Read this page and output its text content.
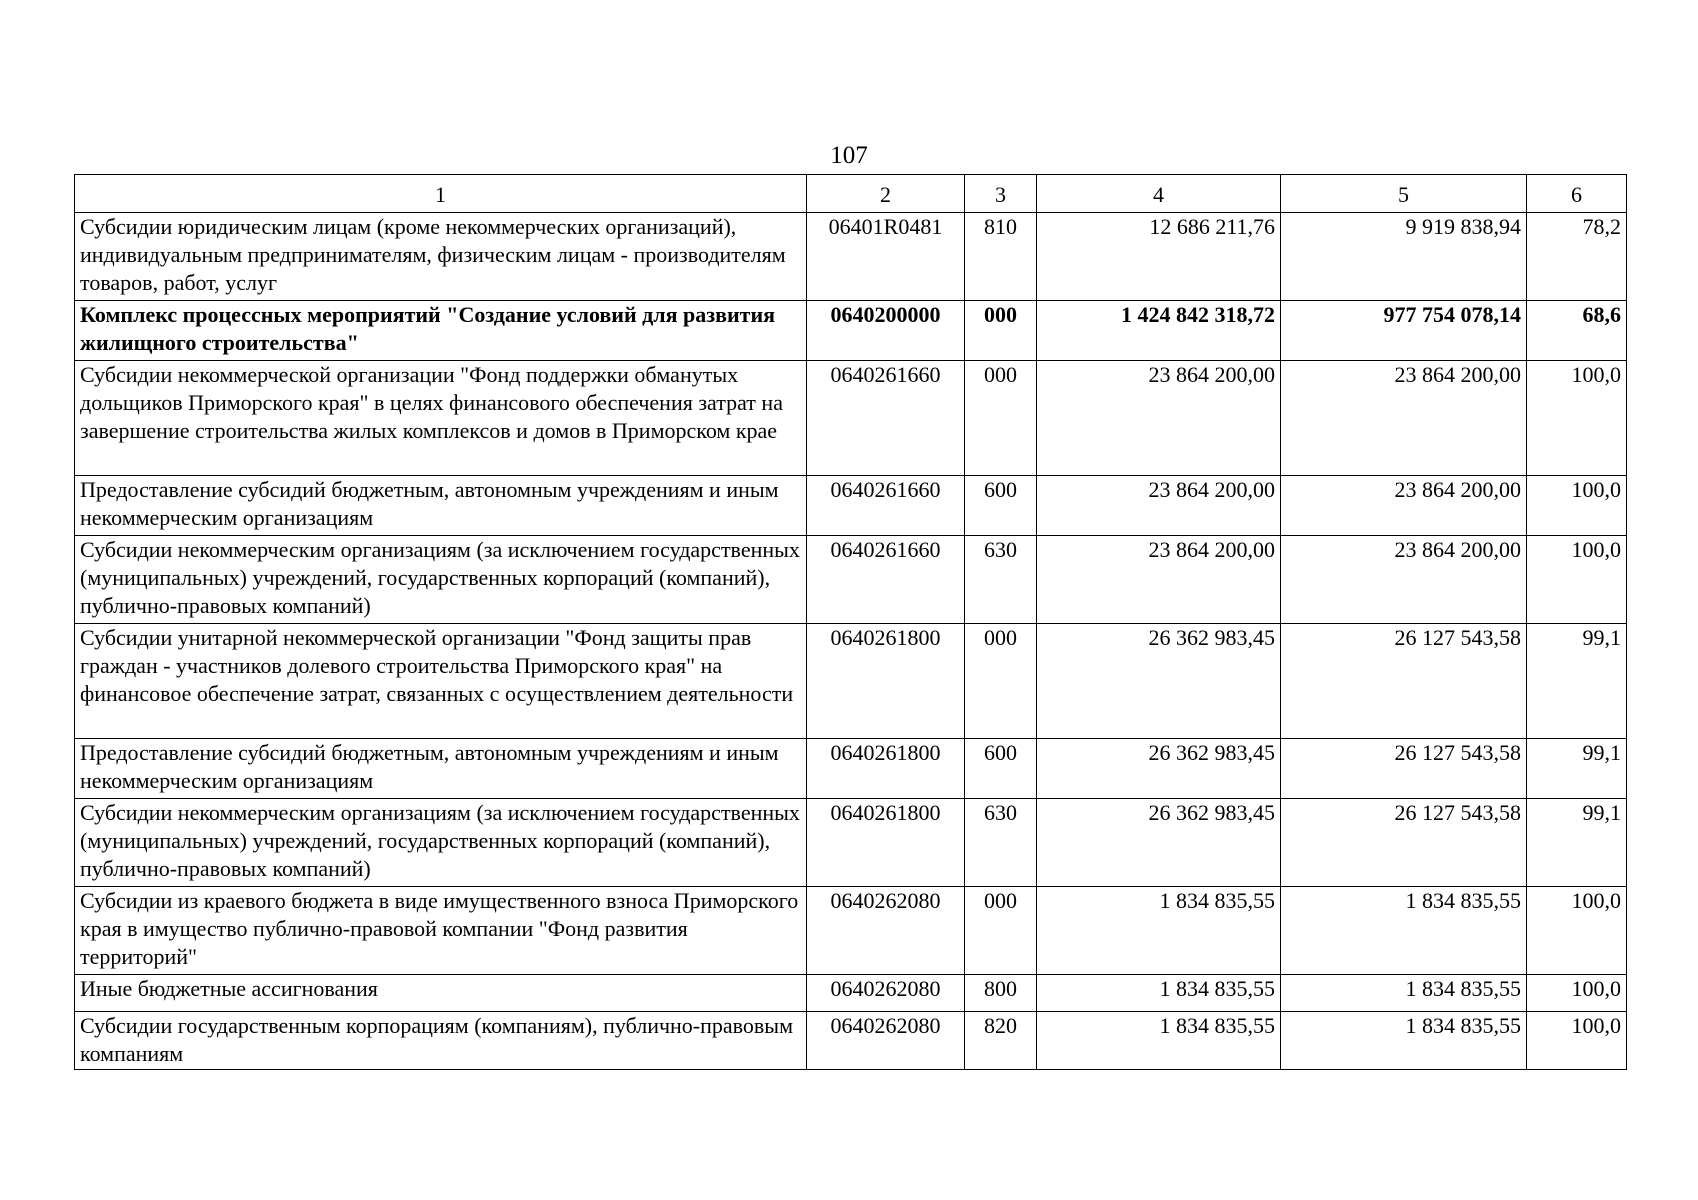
107
1	2	3	4	5	6
Субсидии юридическим лицам (кроме некоммерческих организаций), индивидуальным предпринимателям, физическим лицам - производителям товаров, работ, услуг	06401R0481	810	12 686 211,76	9 919 838,94	78,2
Комплекс процессных мероприятий "Создание условий для развития жилищного строительства"	0640200000	000	1 424 842 318,72	977 754 078,14	68,6
Субсидии некоммерческой организации "Фонд поддержки обманутых дольщиков Приморского края" в целях финансового обеспечения затрат на завершение строительства жилых комплексов и домов в Приморском крае	0640261660	000	23 864 200,00	23 864 200,00	100,0
Предоставление субсидий бюджетным, автономным учреждениям и иным некоммерческим организациям	0640261660	600	23 864 200,00	23 864 200,00	100,0
Субсидии некоммерческим организациям (за исключением государственных (муниципальных) учреждений, государственных корпораций (компаний), публично-правовых компаний)	0640261660	630	23 864 200,00	23 864 200,00	100,0
Субсидии унитарной некоммерческой организации "Фонд защиты прав граждан - участников долевого строительства Приморского края" на финансовое обеспечение затрат, связанных с осуществлением деятельности	0640261800	000	26 362 983,45	26 127 543,58	99,1
Предоставление субсидий бюджетным, автономным учреждениям и иным некоммерческим организациям	0640261800	600	26 362 983,45	26 127 543,58	99,1
Субсидии некоммерческим организациям (за исключением государственных (муниципальных) учреждений, государственных корпораций (компаний), публично-правовых компаний)	0640261800	630	26 362 983,45	26 127 543,58	99,1
Субсидии из краевого бюджета в виде имущественного взноса Приморского края в имущество публично-правовой компании "Фонд развития территорий"	0640262080	000	1 834 835,55	1 834 835,55	100,0
Иные бюджетные ассигнования	0640262080	800	1 834 835,55	1 834 835,55	100,0
Субсидии государственным корпорациям (компаниям), публично-правовым компаниям	0640262080	820	1 834 835,55	1 834 835,55	100,0
